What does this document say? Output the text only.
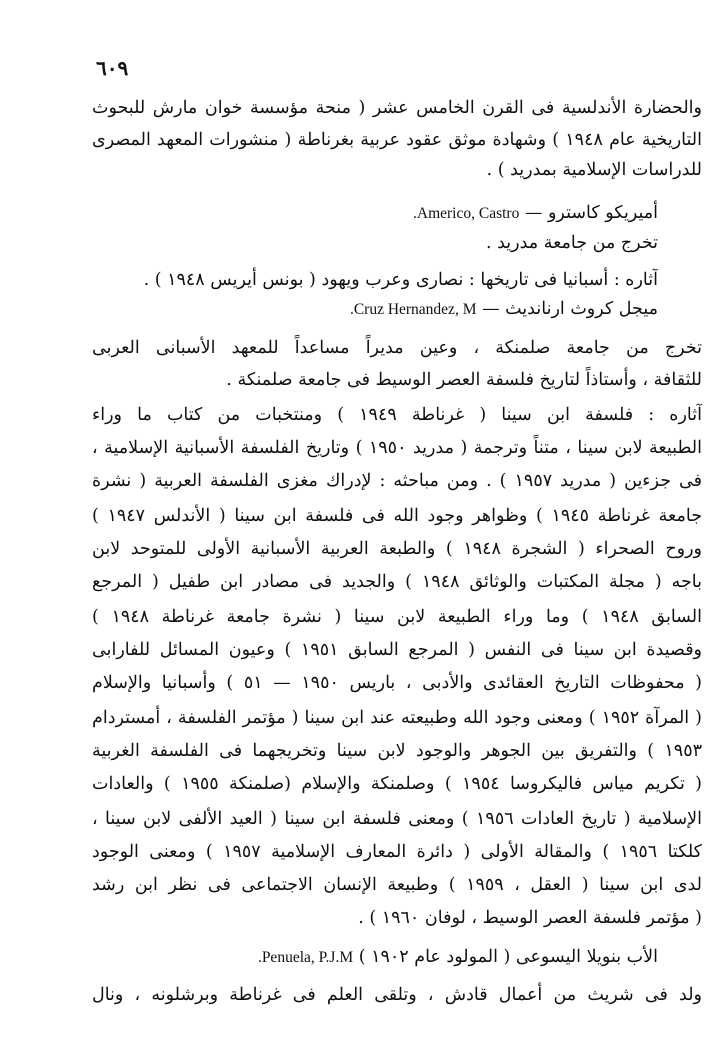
٦٠٩
والحضارة الأندلسية فى القرن الخامس عشر ( منحة مؤسسة خوان مارش للبحوث
التاريخية عام ١٩٤٨ ) وشهادة موثق عقود عربية بغرناطة ( منشورات المعهد المصرى
للدراسات الإسلامية بمدريد ) .
أميريكو كاسترو — Americo, Castro.
تخرج من جامعة مدريد .
آثاره : أسبانيا فى تاريخها : نصارى وعرب ويهود ( بونس أيريس ١٩٤٨ ) .
ميجل كروث ارنانديث — Cruz Hernandez, M.
تخرج من جامعة صلمنكة ، وعين مديراً مساعداً للمعهد الأسبانى العربى
للثقافة ، وأستاذاً لتاريخ فلسفة العصر الوسيط فى جامعة صلمنكة .
آثاره : فلسفة ابن سينا ( غرناطة ١٩٤٩ ) ومنتخبات من كتاب ما وراء
الطبيعة لابن سينا ، متناً وترجمة ( مدريد ١٩٥٠ ) وتاريخ الفلسفة الأسبانية الإسلامية ،
فى جزءين ( مدريد ١٩٥٧ ) . ومن مباحثه : لإدراك مغزى الفلسفة العربية ( نشرة
جامعة غرناطة ١٩٤٥ ) وظواهر وجود الله فى فلسفة ابن سينا ( الأندلس ١٩٤٧ )
وروح الصحراء ( الشجرة ١٩٤٨ ) والطبعة العربية الأسبانية الأولى للمتوحد لابن
باجه ( مجلة المكتبات والوثائق ١٩٤٨ ) والجديد فى مصادر ابن طفيل ( المرجع
السابق ١٩٤٨ ) وما وراء الطبيعة لابن سينا ( نشرة جامعة غرناطة ١٩٤٨ )
وقصيدة ابن سينا فى النفس ( المرجع السابق ١٩٥١ ) وعيون المسائل للفارابى
( محفوظات التاريخ العقائدى والأدبى ، باريس ١٩٥٠ — ٥١ ) وأسبانيا والإسلام
( المرآة ١٩٥٢ ) ومعنى وجود الله وطبيعته عند ابن سينا ( مؤتمر الفلسفة ، أمستردام
١٩٥٣ ) والتفريق بين الجوهر والوجود لابن سينا وتخريجهما فى الفلسفة الغربية
( تكريم مياس فاليكروسا ١٩٥٤ ) وصلمنكة والإسلام (صلمنكة ١٩٥٥ ) والعادات
الإسلامية ( تاريخ العادات ١٩٥٦ ) ومعنى فلسفة ابن سينا ( العيد الألفى لابن سينا ،
كلكتا ١٩٥٦ ) والمقالة الأولى ( دائرة المعارف الإسلامية ١٩٥٧ ) ومعنى الوجود
لدى ابن سينا ( العقل ، ١٩٥٩ ) وطبيعة الإنسان الاجتماعى فى نظر ابن رشد
( مؤتمر فلسفة العصر الوسيط ، لوفان ١٩٦٠ ) .
الأب بنويلا اليسوعى ( المولود عام ١٩٠٢ ) Penuela, P.J.M.
ولد فى شريث من أعمال قادش ، وتلقى العلم فى غرناطة وبرشلونه ، ونال
